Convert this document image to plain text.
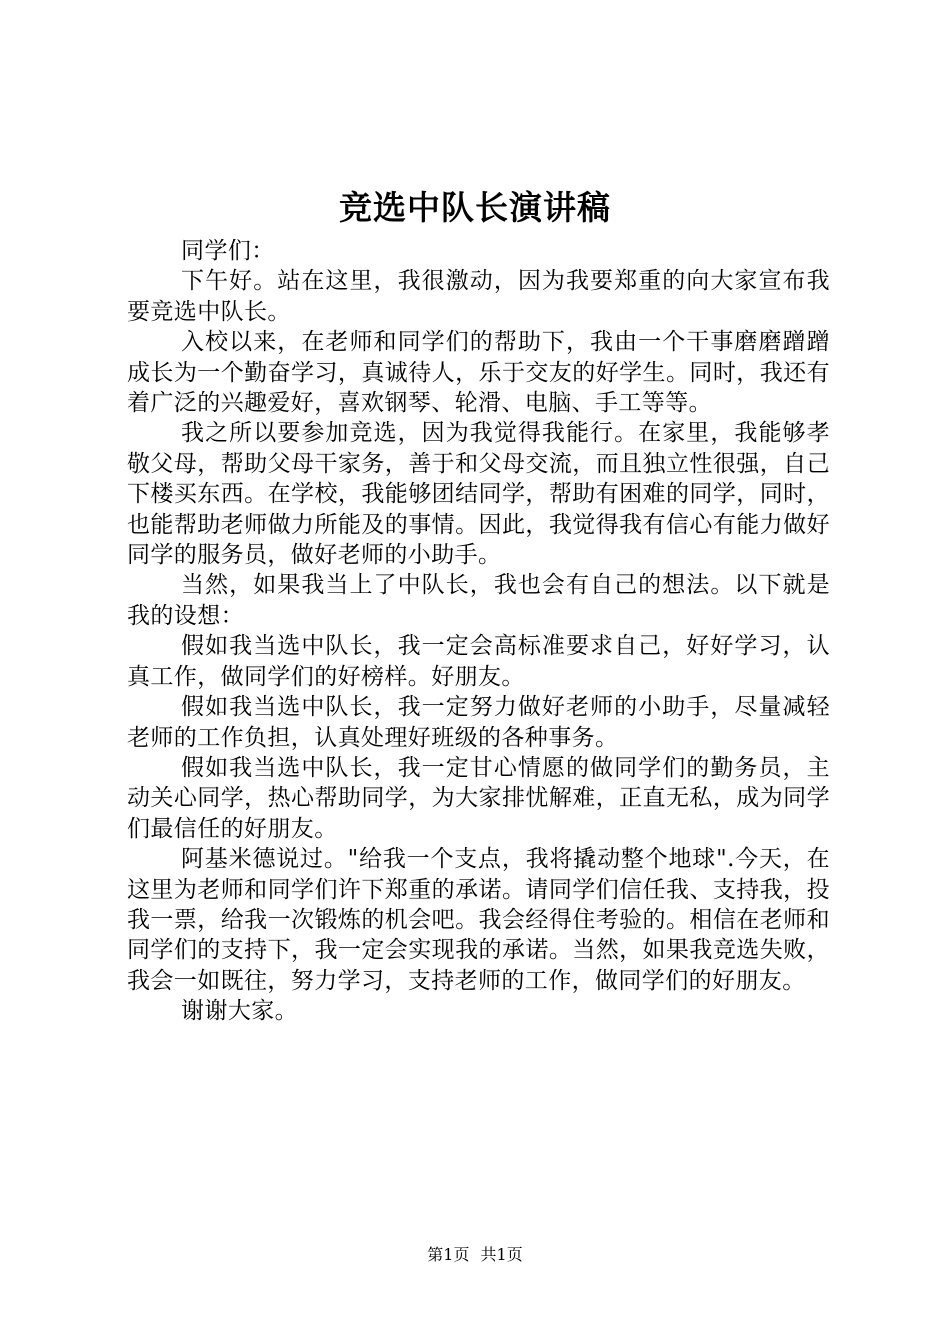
竞选中队长演讲稿

同学们：

下午好。站在这里，我很激动，因为我要郑重的向大家宣布我要竞选中队长。

入校以来，在老师和同学们的帮助下，我由一个干事磨磨蹭蹭成长为一个勤奋学习，真诚待人，乐于交友的好学生。同时，我还有着广泛的兴趣爱好，喜欢钢琴、轮滑、电脑、手工等等。

我之所以要参加竞选，因为我觉得我能行。在家里，我能够孝敬父母，帮助父母干家务，善于和父母交流，而且独立性很强，自己下楼买东西。在学校，我能够团结同学，帮助有困难的同学，同时，也能帮助老师做力所能及的事情。因此，我觉得我有信心有能力做好同学的服务员，做好老师的小助手。

当然，如果我当上了中队长，我也会有自己的想法。以下就是我的设想：

假如我当选中队长，我一定会高标准要求自己，好好学习，认真工作，做同学们的好榜样。好朋友。

假如我当选中队长，我一定努力做好老师的小助手，尽量减轻老师的工作负担，认真处理好班级的各种事务。

假如我当选中队长，我一定甘心情愿的做同学们的勤务员，主动关心同学，热心帮助同学，为大家排忧解难，正直无私，成为同学们最信任的好朋友。

阿基米德说过。"给我一个支点，我将撬动整个地球".今天，在这里为老师和同学们许下郑重的承诺。请同学们信任我、支持我，投我一票，给我一次锻炼的机会吧。我会经得住考验的。相信在老师和同学们的支持下，我一定会实现我的承诺。当然，如果我竞选失败，我会一如既往，努力学习，支持老师的工作，做同学们的好朋友。

谢谢大家。

第1页 共1页
